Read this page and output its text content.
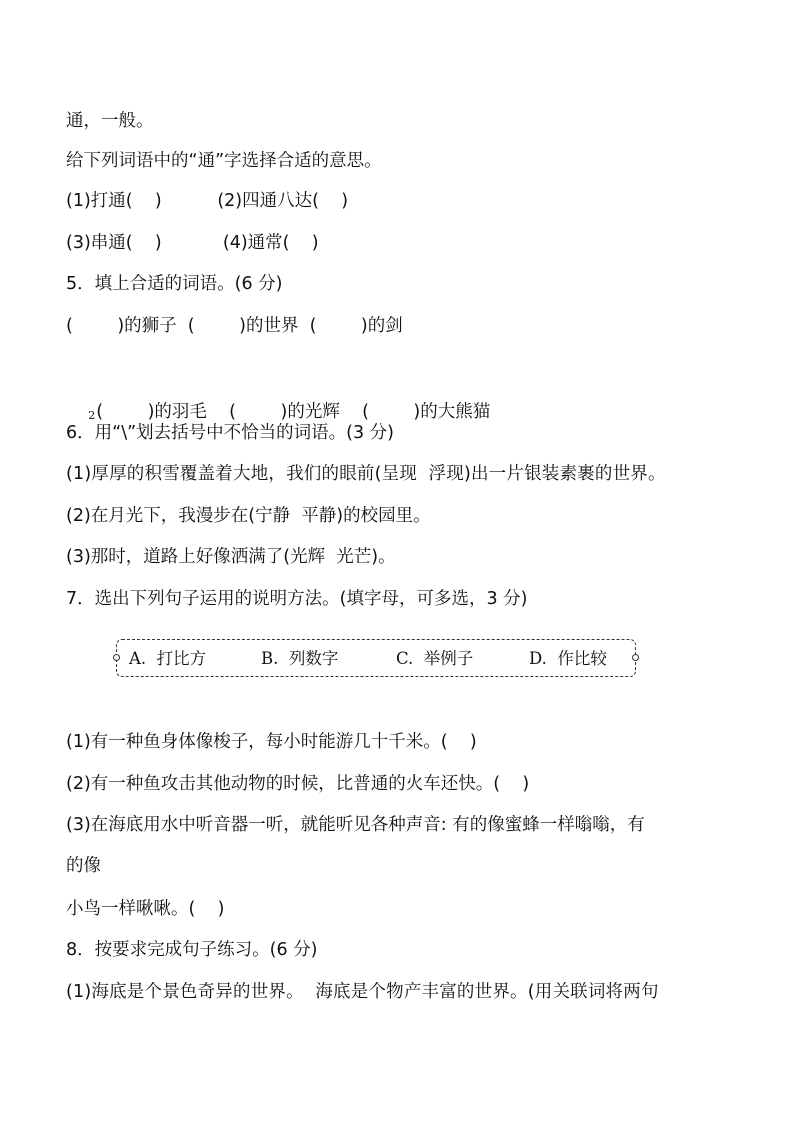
通，一般。
给下列词语中的“通”字选择合适的意思。
(1)打通(    )          (2)四通八达(    )
(3)串通(    )           (4)通常(    )
5．填上合适的词语。(6 分)
(        )的狮子  (        )的世界  (        )的剑

2(        )的羽毛    (        )的光辉    (        )的大熊猫

6．用“\”划去括号中不恰当的词语。(3 分)
(1)厚厚的积雪覆盖着大地，我们的眼前(呈现  浮现)出一片银装素裹的世界。
(2)在月光下，我漫步在(宁静  平静)的校园里。
(3)那时，道路上好像洒满了(光辉  光芒)。
7．选出下列句子运用的说明方法。(填字母，可多选，3 分)
A.  打比方	B.  列数字	C.  举例子	D.  作比较
(1)有一种鱼身体像梭子，每小时能游几十千米。(    )
(2)有一种鱼攻击其他动物的时候，比普通的火车还快。(    )
(3)在海底用水中听音器一听，就能听见各种声音: 有的像蜜蜂一样嗡嗡，有
的像
小鸟一样啾啾。(    )
8．按要求完成句子练习。(6 分)
(1)海底是个景色奇异的世界。  海底是个物产丰富的世界。(用关联词将两句
